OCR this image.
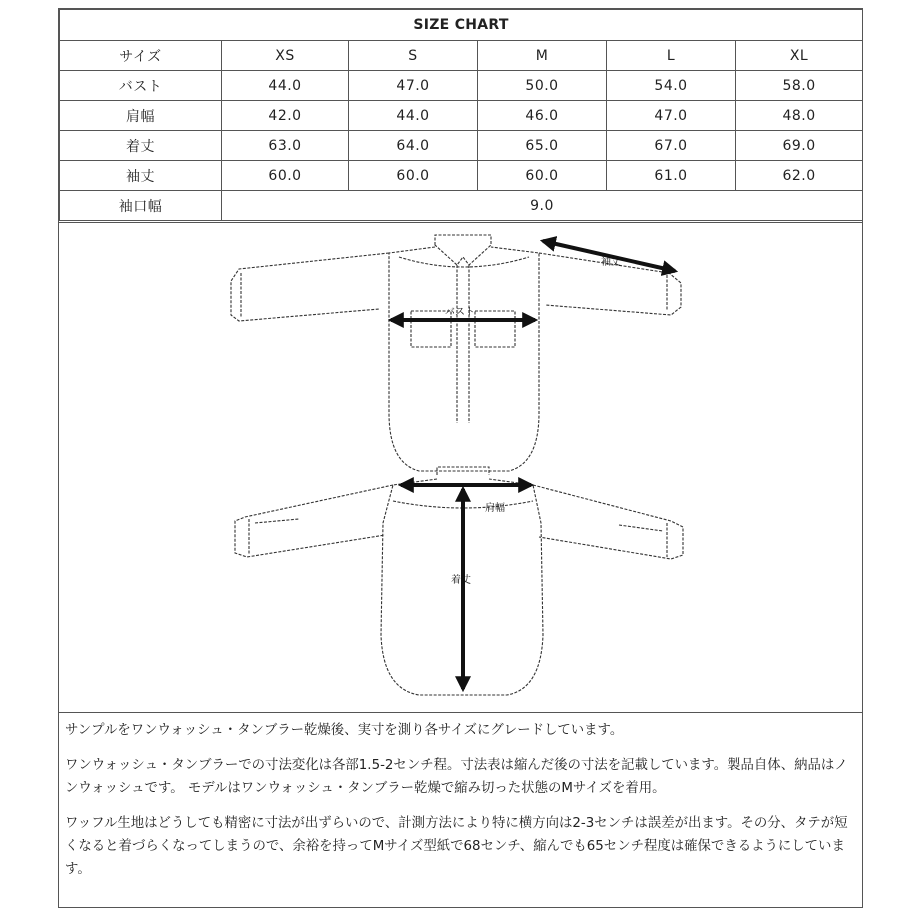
SIZE CHART					
サイズ	XS	S	M	L	XL
バスト	44.0	47.0	50.0	54.0	58.0
肩幅	42.0	44.0	46.0	47.0	48.0
着丈	63.0	64.0	65.0	67.0	69.0
袖丈	60.0	60.0	60.0	61.0	62.0
袖口幅	9.0				
バスト
袖丈
肩幅
着丈

サンプルをワンウォッシュ・タンブラー乾燥後、実寸を測り各サイズにグレードしています。

ワンウォッシュ・タンブラーでの寸法変化は各部1.5-2センチ程。寸法表は縮んだ後の寸法を記載しています。製品自体、納品はノンウォッシュです。 モデルはワンウォッシュ・タンブラー乾燥で縮み切った状態のMサイズを着用。

ワッフル生地はどうしても精密に寸法が出ずらいので、計測方法により特に横方向は2-3センチは誤差が出ます。その分、タテが短くなると着づらくなってしまうので、余裕を持ってMサイズ型紙で68センチ、縮んでも65センチ程度は確保できるようにしています。
